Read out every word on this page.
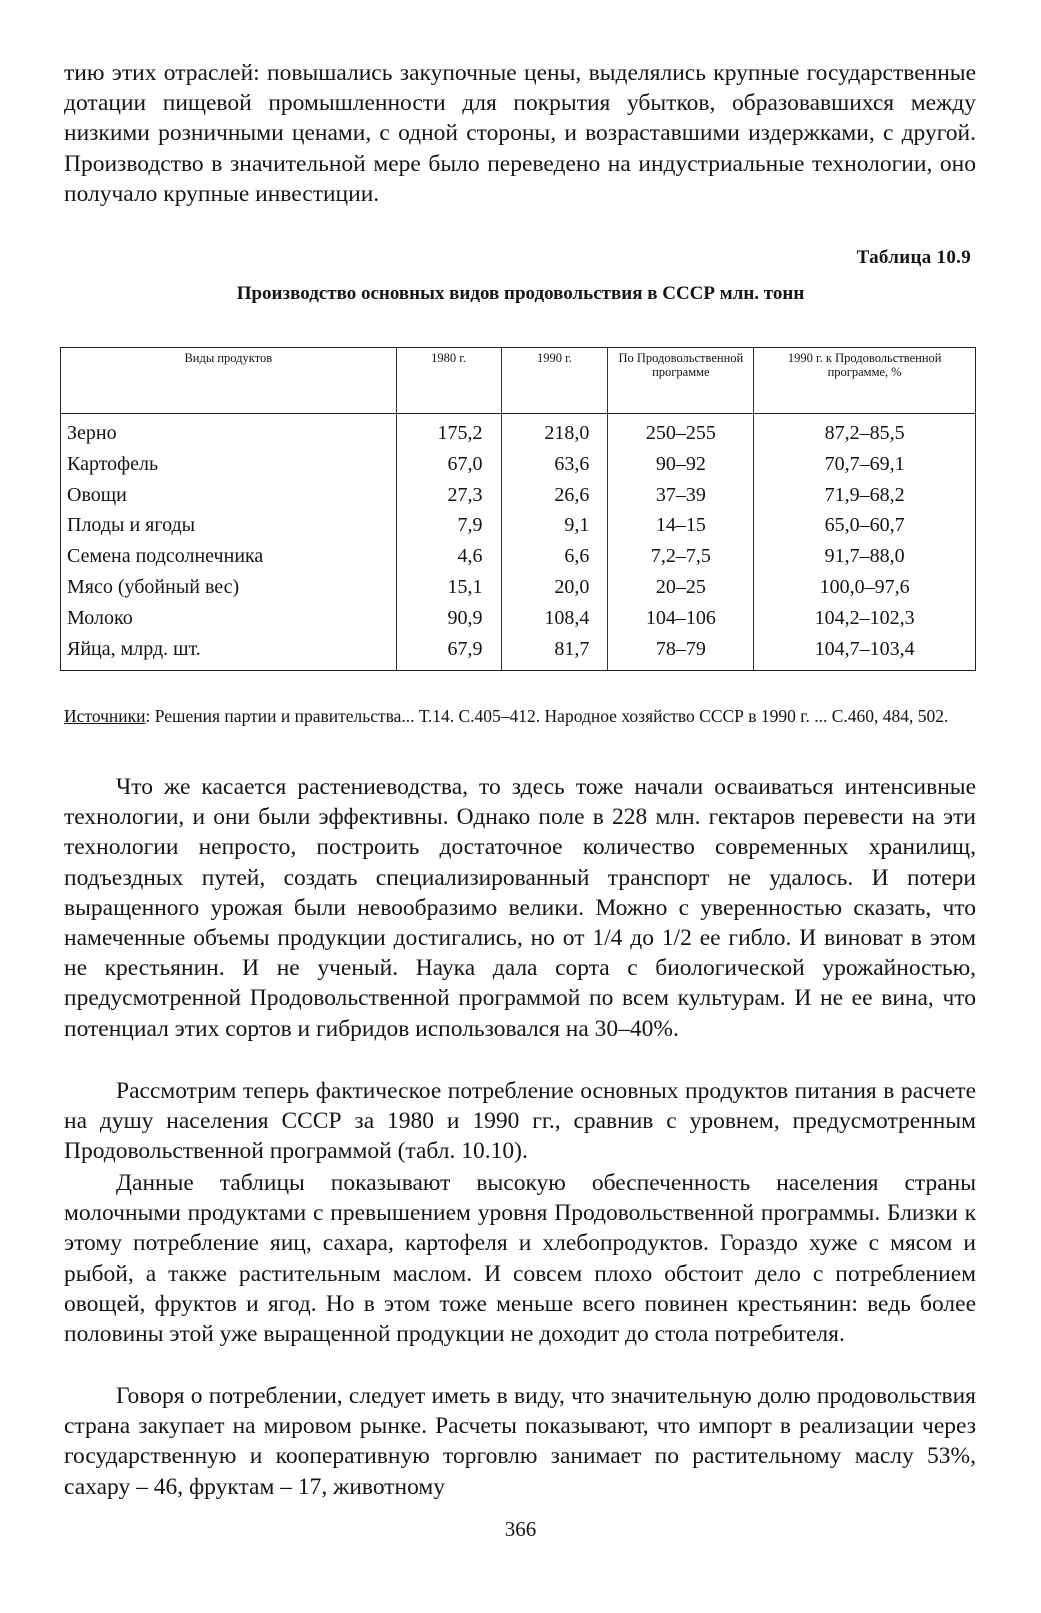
тию этих отраслей: повышались закупочные цены, выделялись крупные государственные дотации пищевой промышленности для покрытия убытков, образовавшихся между низкими розничными ценами, с одной стороны, и возраставшими издержками, с другой. Производство в значительной мере было переведено на индустриальные технологии, оно получало крупные инвестиции.
Таблица 10.9
Производство основных видов продовольствия в СССР млн. тонн
Виды продуктов	1980 г.	1990 г.	По Продовольственной программе	1990 г. к Продовольственной программе, %
Зерно	175,2	218,0	250–255	87,2–85,5
Картофель	67,0	63,6	90–92	70,7–69,1
Овощи	27,3	26,6	37–39	71,9–68,2
Плоды и ягоды	7,9	9,1	14–15	65,0–60,7
Семена подсолнечника	4,6	6,6	7,2–7,5	91,7–88,0
Мясо (убойный вес)	15,1	20,0	20–25	100,0–97,6
Молоко	90,9	108,4	104–106	104,2–102,3
Яйца, млрд. шт.	67,9	81,7	78–79	104,7–103,4
Источники: Решения партии и правительства... Т.14. С.405–412. Народное хозяйство СССР в 1990 г. ... С.460, 484, 502.
Что же касается растениеводства, то здесь тоже начали осваиваться интенсивные технологии, и они были эффективны. Однако поле в 228 млн. гектаров перевести на эти технологии непросто, построить достаточное количество современных хранилищ, подъездных путей, создать специализированный транспорт не удалось. И потери выращенного урожая были невообразимо велики. Можно с уверенностью сказать, что намеченные объемы продукции достигались, но от 1/4 до 1/2 ее гибло. И виноват в этом не крестьянин. И не ученый. Наука дала сорта с биологической урожайностью, предусмотренной Продовольственной программой по всем культурам. И не ее вина, что потенциал этих сортов и гибридов использовался на 30–40%.
Рассмотрим теперь фактическое потребление основных продуктов питания в расчете на душу населения СССР за 1980 и 1990 гг., сравнив с уровнем, предусмотренным Продовольственной программой (табл. 10.10).
Данные таблицы показывают высокую обеспеченность населения страны молочными продуктами с превышением уровня Продовольственной программы. Близки к этому потребление яиц, сахара, картофеля и хлебопродуктов. Гораздо хуже с мясом и рыбой, а также растительным маслом. И совсем плохо обстоит дело с потреблением овощей, фруктов и ягод. Но в этом тоже меньше всего повинен крестьянин: ведь более половины этой уже выращенной продукции не доходит до стола потребителя.
Говоря о потреблении, следует иметь в виду, что значительную долю продовольствия страна закупает на мировом рынке. Расчеты показывают, что импорт в реализации через государственную и кооперативную торговлю занимает по растительному маслу 53%, сахару – 46, фруктам – 17, животному
366
